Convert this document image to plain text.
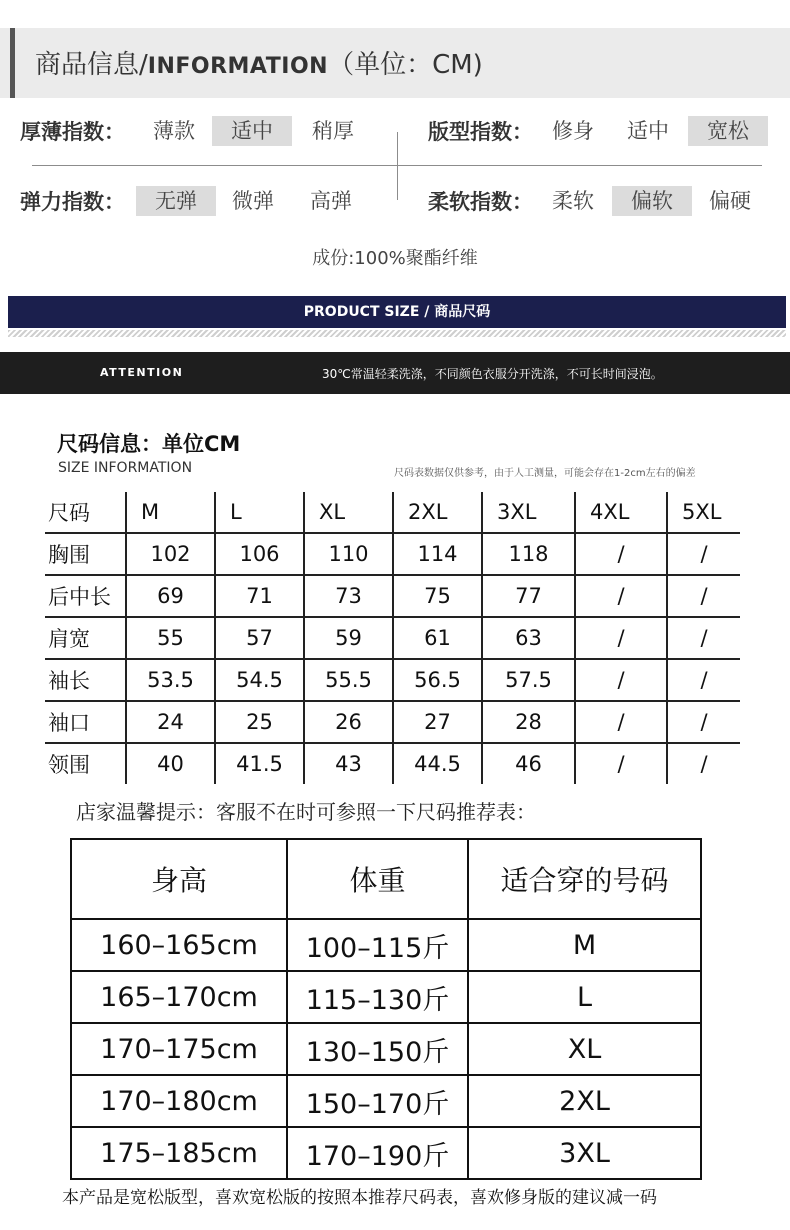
商品信息/INFORMATION（单位：CM)
厚薄指数：	薄款	适中	稍厚	版型指数： 修身	适中	宽松
弹力指数：	无弹	微弹	高弹	柔软指数： 柔软	偏软	偏硬
成份:100%聚酯纤维
PRODUCT SIZE / 商品尺码
ATTENTION	30℃常温轻柔洗涤，不同颜色衣服分开洗涤，不可长时间浸泡。
尺码信息：单位CM
SIZE INFORMATION	尺码表数据仅供参考，由于人工测量，可能会存在1-2cm左右的偏差
尺码	M	L	XL	2XL	3XL	4XL	5XL
胸围	102	106	110	114	118	/	/
后中长	69	71	73	75	77	/	/
肩宽	55	57	59	61	63	/	/
袖长	53.5	54.5	55.5	56.5	57.5	/	/
袖口	24	25	26	27	28	/	/
领围	40	41.5	43	44.5	46	/	/
店家温馨提示：客服不在时可参照一下尺码推荐表：
身高	体重	适合穿的号码
160–165cm	100–115斤	M
165–170cm	115–130斤	L
170–175cm	130–150斤	XL
170–180cm	150–170斤	2XL
175–185cm	170–190斤	3XL
本产品是宽松版型，喜欢宽松版的按照本推荐尺码表，喜欢修身版的建议减一码
